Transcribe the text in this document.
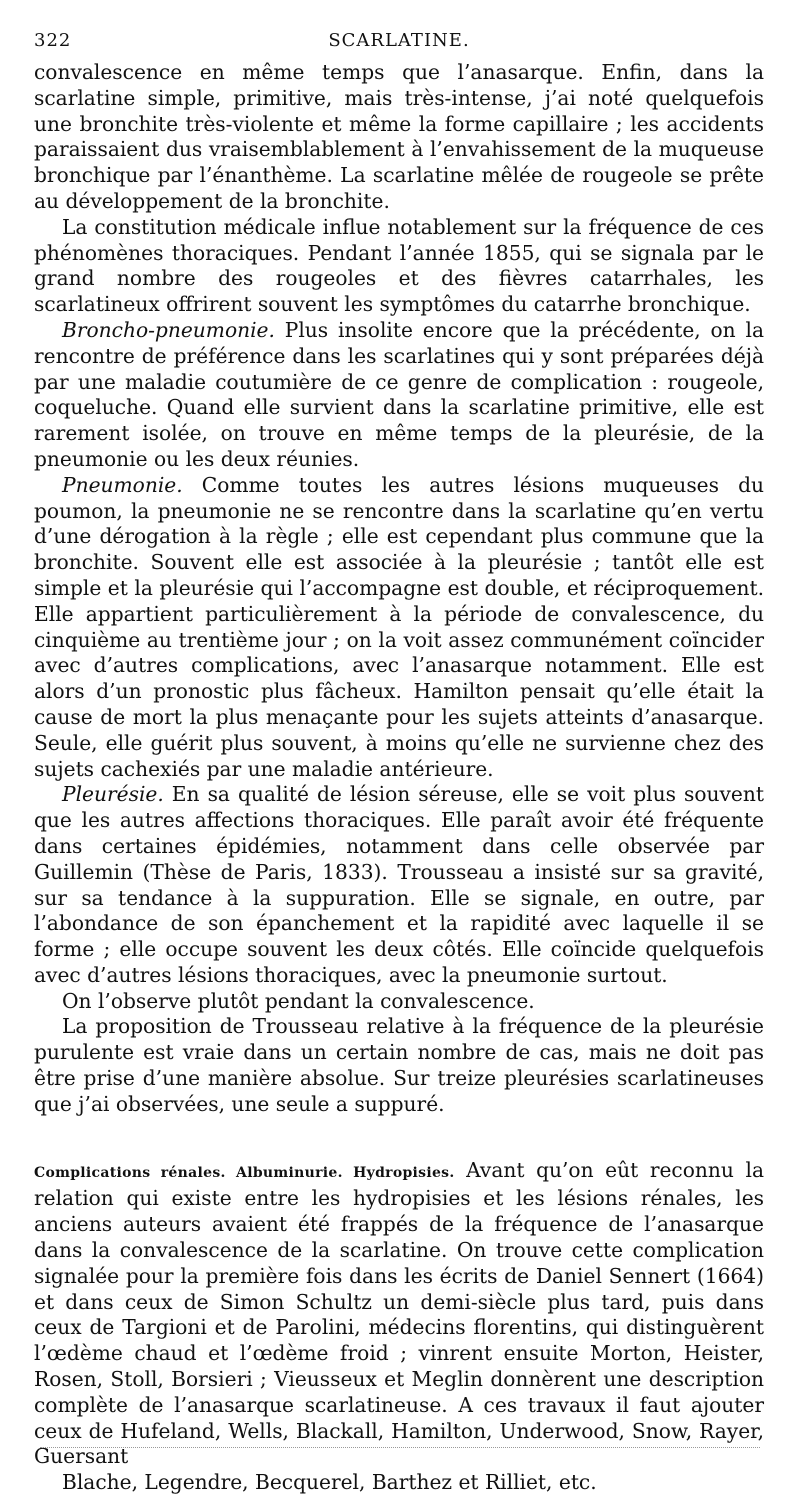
322	SCARLATINE.

convalescence en même temps que l’anasarque. Enfin, dans la scarlatine simple, primitive, mais très-intense, j’ai noté quelquefois une bronchite très-violente et même la forme capillaire ; les accidents paraissaient dus vraisemblablement à l’envahissement de la muqueuse bronchique par l’énanthème. La scarlatine mêlée de rougeole se prête au développement de la bronchite.

La constitution médicale influe notablement sur la fréquence de ces phénomènes thoraciques. Pendant l’année 1855, qui se signala par le grand nombre des rougeoles et des fièvres catarrhales, les scarlatineux offrirent souvent les symptômes du catarrhe bronchique.

Broncho-pneumonie. Plus insolite encore que la précédente, on la rencontre de préférence dans les scarlatines qui y sont préparées déjà par une maladie coutumière de ce genre de complication : rougeole, coqueluche. Quand elle survient dans la scarlatine primitive, elle est rarement isolée, on trouve en même temps de la pleurésie, de la pneumonie ou les deux réunies.

Pneumonie. Comme toutes les autres lésions muqueuses du poumon, la pneumonie ne se rencontre dans la scarlatine qu’en vertu d’une dérogation à la règle ; elle est cependant plus commune que la bronchite. Souvent elle est associée à la pleurésie ; tantôt elle est simple et la pleurésie qui l’accompagne est double, et réciproquement. Elle appartient particulièrement à la période de convalescence, du cinquième au trentième jour ; on la voit assez communément coïncider avec d’autres complications, avec l’anasarque notamment. Elle est alors d’un pronostic plus fâcheux. Hamilton pensait qu’elle était la cause de mort la plus menaçante pour les sujets atteints d’anasarque. Seule, elle guérit plus souvent, à moins qu’elle ne survienne chez des sujets cachexiés par une maladie antérieure.

Pleurésie. En sa qualité de lésion séreuse, elle se voit plus souvent que les autres affections thoraciques. Elle paraît avoir été fréquente dans certaines épidémies, notamment dans celle observée par Guillemin (Thèse de Paris, 1833). Trousseau a insisté sur sa gravité, sur sa tendance à la suppuration. Elle se signale, en outre, par l’abondance de son épanchement et la rapidité avec laquelle il se forme ; elle occupe souvent les deux côtés. Elle coïncide quelquefois avec d’autres lésions thoraciques, avec la pneumonie surtout.

On l’observe plutôt pendant la convalescence.

La proposition de Trousseau relative à la fréquence de la pleurésie purulente est vraie dans un certain nombre de cas, mais ne doit pas être prise d’une manière absolue. Sur treize pleurésies scarlatineuses que j’ai observées, une seule a suppuré.

Complications rénales. Albuminurie. Hydropisies. Avant qu’on eût reconnu la relation qui existe entre les hydropisies et les lésions rénales, les anciens auteurs avaient été frappés de la fréquence de l’anasarque dans la convalescence de la scarlatine. On trouve cette complication signalée pour la première fois dans les écrits de Daniel Sennert (1664) et dans ceux de Simon Schultz un demi-siècle plus tard, puis dans ceux de Targioni et de Parolini, médecins florentins, qui distinguèrent l’œdème chaud et l’œdème froid ; vinrent ensuite Morton, Heister, Rosen, Stoll, Borsieri ; Vieusseux et Meglin donnèrent une description complète de l’anasarque scarlatineuse. A ces travaux il faut ajouter ceux de Hufeland, Wells, Blackall, Hamilton, Underwood, Snow, Rayer, Guersant

Blache, Legendre, Becquerel, Barthez et Rilliet, etc.
